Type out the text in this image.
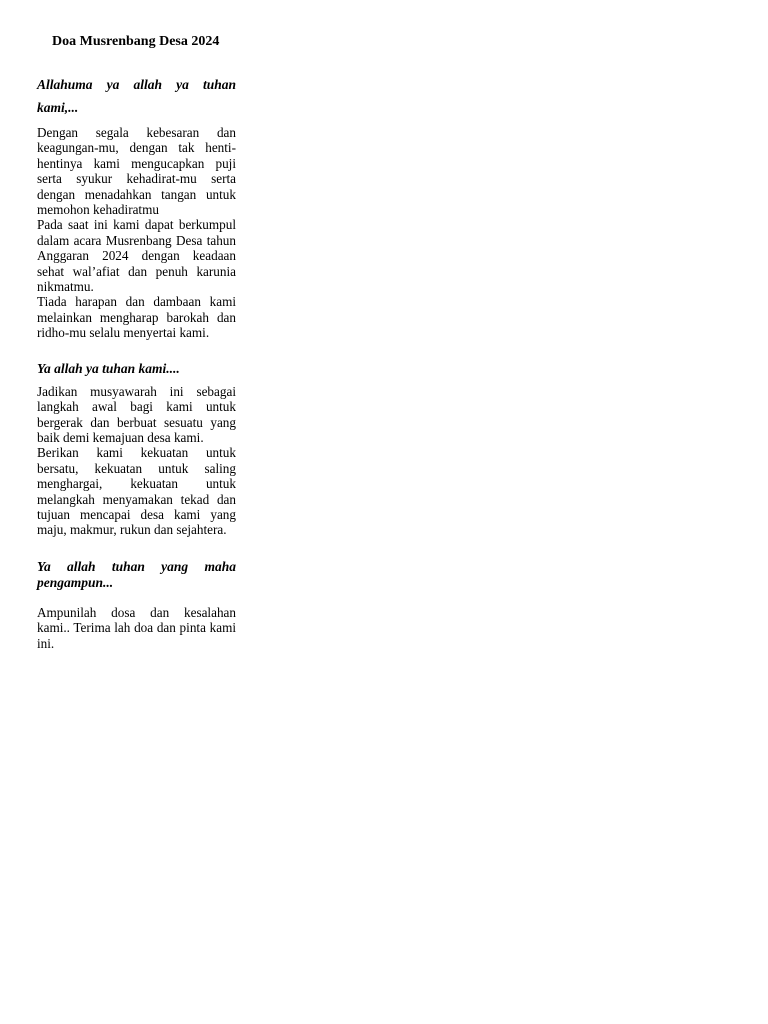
Doa Musrenbang Desa 2024

Allahuma ya allah ya tuhan kami,...

Dengan segala kebesaran dan keagungan-mu, dengan tak henti-hentinya kami mengucapkan puji serta syukur kehadirat-mu serta dengan menadahkan tangan untuk memohon kehadiratmu

Pada saat ini kami dapat berkumpul dalam acara Musrenbang Desa tahun Anggaran 2024 dengan keadaan sehat wal’afiat dan penuh karunia nikmatmu.

Tiada harapan dan dambaan kami melainkan mengharap barokah dan ridho-mu selalu menyertai kami.

Ya allah ya tuhan kami....

Jadikan musyawarah ini sebagai langkah awal bagi kami untuk bergerak dan berbuat sesuatu yang baik demi kemajuan desa kami.

Berikan kami kekuatan untuk bersatu, kekuatan untuk saling menghargai, kekuatan untuk melangkah menyamakan tekad dan tujuan mencapai desa kami yang maju, makmur, rukun dan sejahtera.

Ya allah tuhan yang maha pengampun...

Ampunilah dosa dan kesalahan kami.. Terima lah doa dan pinta kami ini.
